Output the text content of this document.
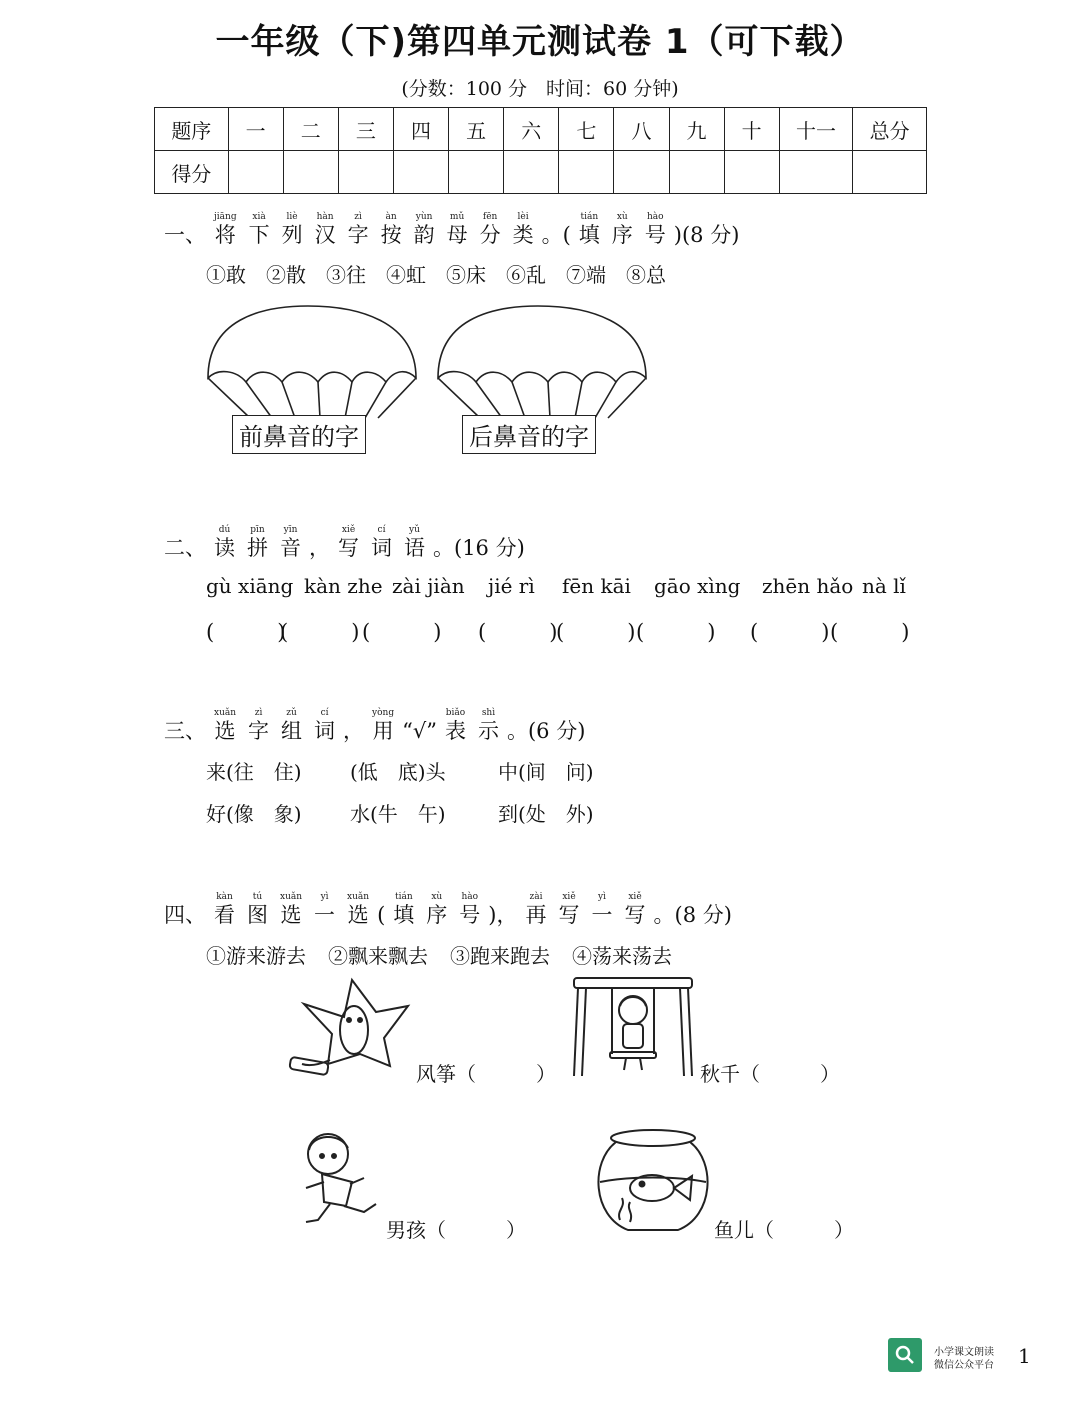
一年级（下)第四单元测试卷 1（可下载）
(分数：100 分　时间：60 分钟)
题序	一	二	三	四	五	六	七	八	九	十	十一	总分
得分												
一、
jiāng
将
xià
下
liè
列
hàn
汉
zì
字
àn
按
yùn
韵
mǔ
母
fēn
分
lèi
类 。(
tián
填
xù
序
hào
号 )(8 分)
①敢 ②散 ③往 ④虹 ⑤床 ⑥乱 ⑦端 ⑧总
前鼻音的字	后鼻音的字
二、
dú
读
pīn
拼
yīn
音 ，
xiě
写
cí
词
yǔ
语 。(16 分)
gù xiāng kàn zhe zài jiàn jié rì fēn kāi gāo xìng zhēn hǎo nà lǐ
(　　　)
(　　　) (　　　) (　　　)
(　　　) (　　　) (　　　) (　　　)
三、
xuǎn
选
zì
字
zǔ
组
cí
词 ，
yòng
用 “√”
biǎo
表
shì
示 。(6 分)
来(往　住) (低　底)头	中(间　问)
好(像　象) 水(牛　午)	到(处　外)
四、
kàn
看
tú
图
xuǎn
选
yì
一
xuǎn
选 (
tián
填
xù
序
hào
号 )，
zài
再
xiě
写
yì
一
xiě
写 。(8 分)
①游来游去 ②飘来飘去 ③跑来跑去 ④荡来荡去
风筝（　　　）	秋千（　　　）
男孩（　　　）	鱼儿（　　　）
小学课文朗读
微信公众平台 1
